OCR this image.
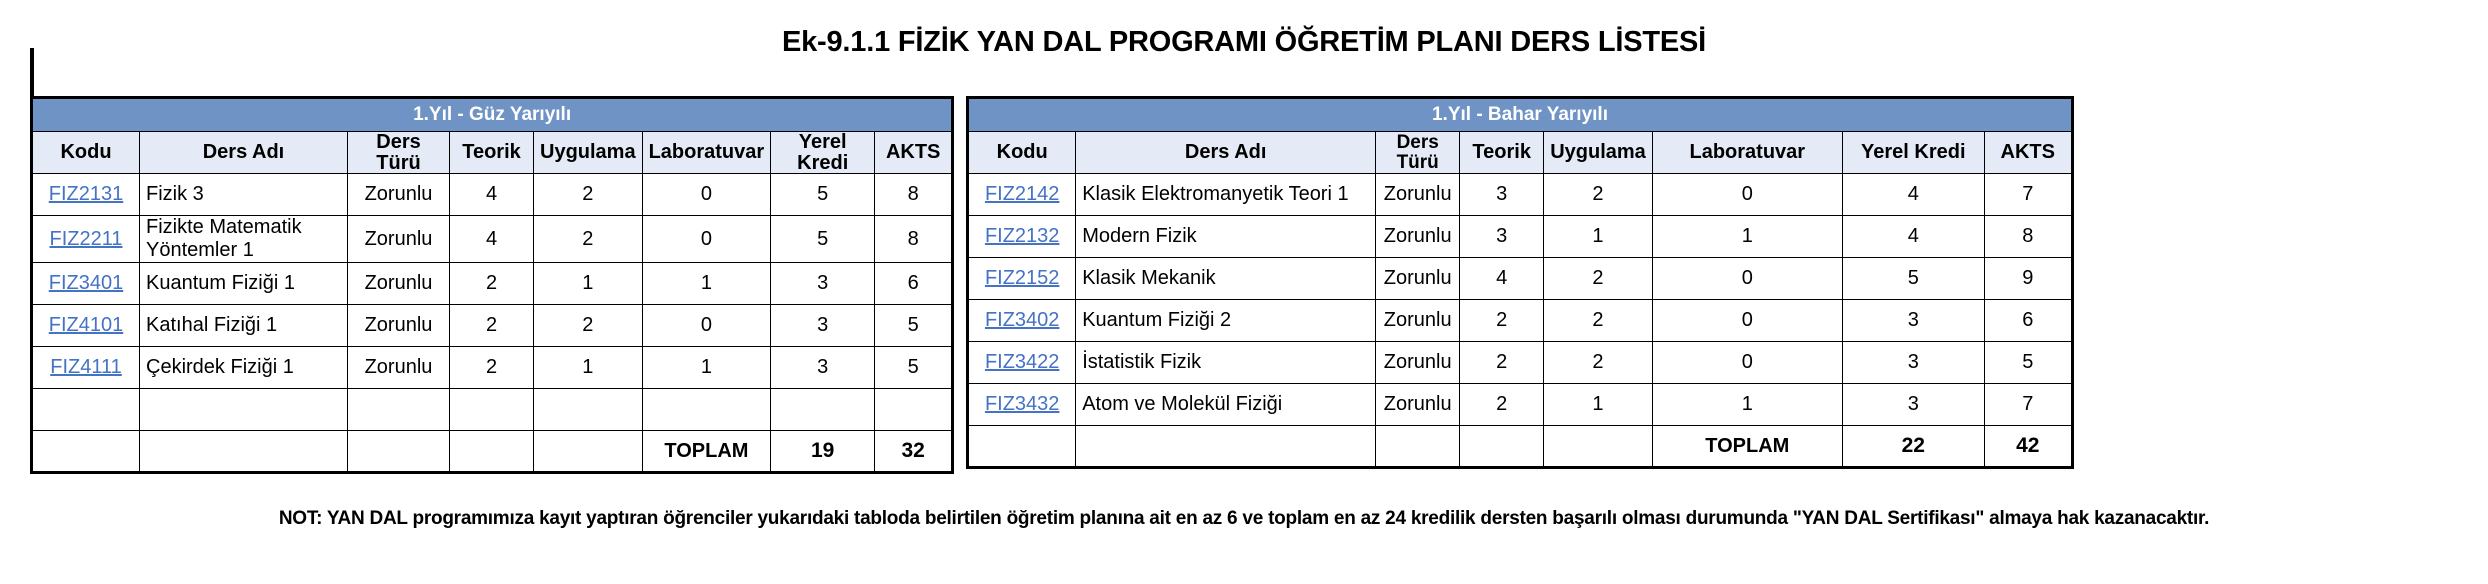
Ek-9.1.1 FİZİK YAN DAL PROGRAMI ÖĞRETİM PLANI DERS LİSTESİ
1.Yıl - Güz Yarıyılı							
Kodu	Ders Adı	Ders Türü	Teorik	Uygulama	Laboratuvar	Yerel Kredi	AKTS
FIZ2131	Fizik 3	Zorunlu	4	2	0	5	8
FIZ2211	Fizikte Matematik Yöntemler 1	Zorunlu	4	2	0	5	8
FIZ3401	Kuantum Fiziği 1	Zorunlu	2	1	1	3	6
FIZ4101	Katıhal Fiziği 1	Zorunlu	2	2	0	3	5
FIZ4111	Çekirdek Fiziği 1	Zorunlu	2	1	1	3	5

					TOPLAM	19	32
1.Yıl - Bahar Yarıyılı							
Kodu	Ders Adı	Ders Türü	Teorik	Uygulama	Laboratuvar	Yerel Kredi	AKTS
FIZ2142	Klasik Elektromanyetik Teori 1	Zorunlu	3	2	0	4	7
FIZ2132	Modern Fizik	Zorunlu	3	1	1	4	8
FIZ2152	Klasik Mekanik	Zorunlu	4	2	0	5	9
FIZ3402	Kuantum Fiziği 2	Zorunlu	2	2	0	3	6
FIZ3422	İstatistik Fizik	Zorunlu	2	2	0	3	5
FIZ3432	Atom ve Molekül Fiziği	Zorunlu	2	1	1	3	7
					TOPLAM	22	42
NOT: YAN DAL programımıza kayıt yaptıran öğrenciler yukarıdaki tabloda belirtilen öğretim planına ait en az 6 ve toplam en az 24 kredilik dersten başarılı olması durumunda "YAN DAL Sertifikası" almaya hak kazanacaktır.
